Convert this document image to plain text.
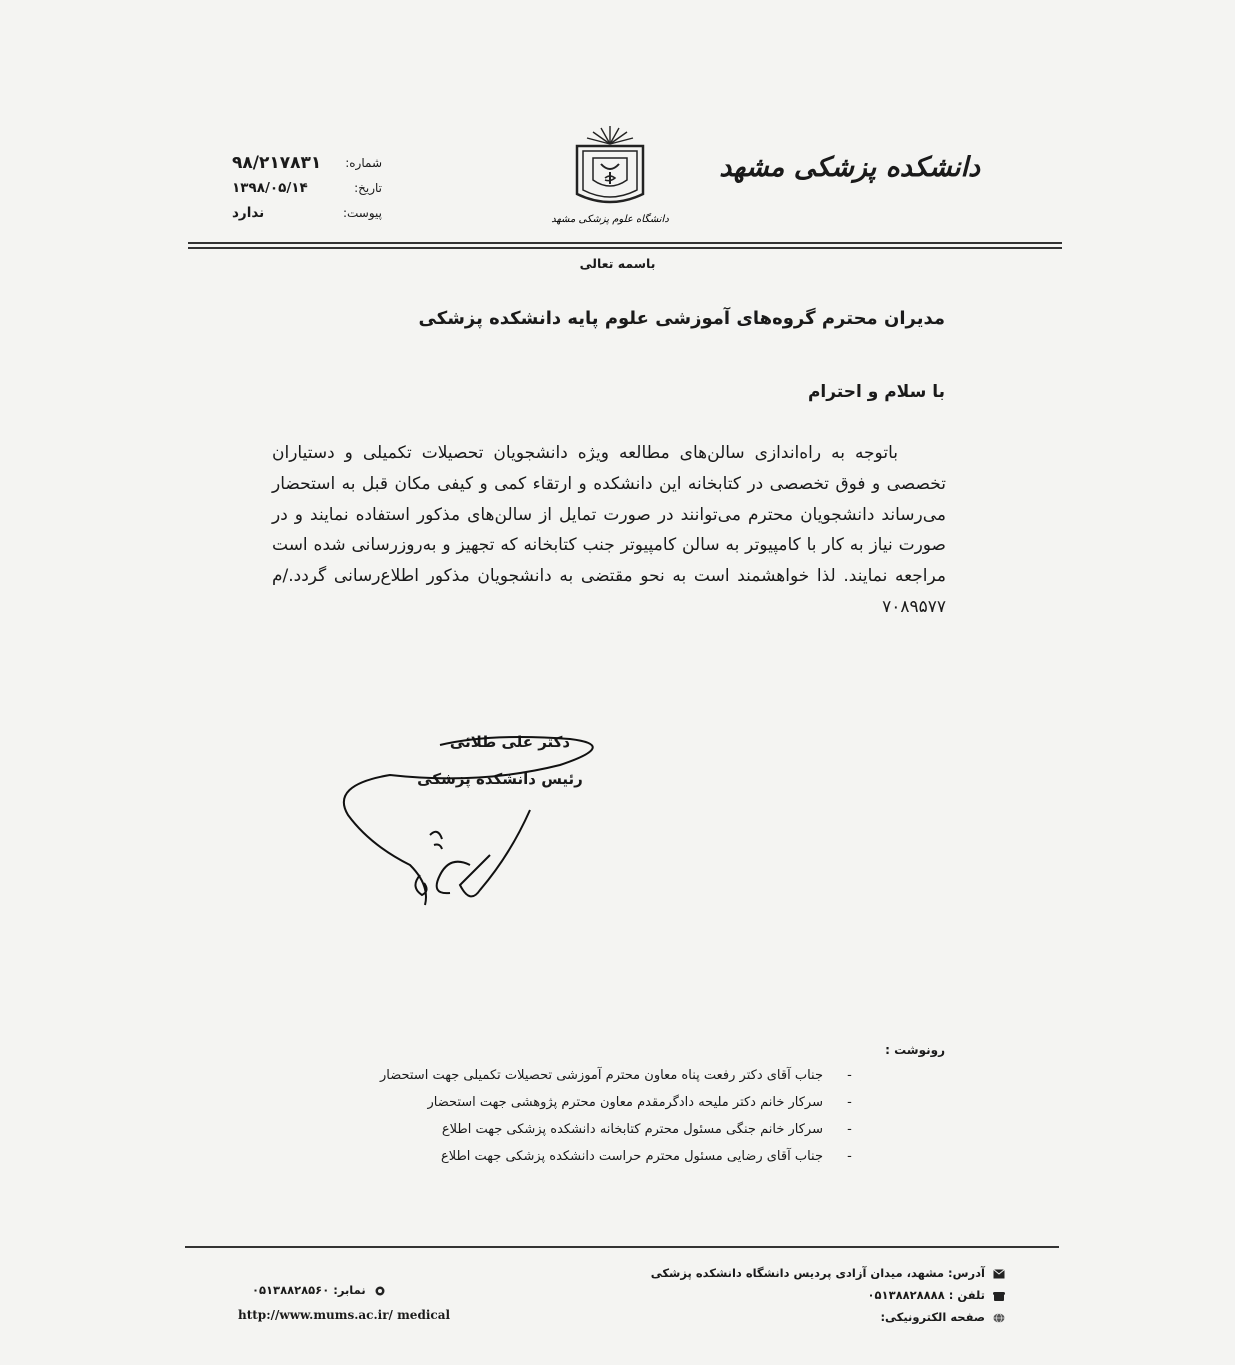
دانشکده پزشکی مشهد
دانشگاه علوم پزشکی مشهد
شماره:
۹۸/۲۱۷۸۳۱
تاریخ:
۱۳۹۸/۰۵/۱۴
پیوست:
ندارد
باسمه تعالی
مدیران محترم گروه‌های آموزشی علوم پایه دانشکده پزشکی
با سلام و احترام
باتوجه به راه‌اندازی سالن‌های مطالعه ویژه دانشجویان تحصیلات تکمیلی و دستیاران تخصصی و فوق تخصصی در کتابخانه این دانشکده و ارتقاء کمی و کیفی مکان قبل به استحضار می‌رساند دانشجویان محترم می‌توانند در صورت تمایل از سالن‌های مذکور استفاده نمایند و در صورت نیاز به کار با کامپیوتر به سالن کامپیوتر جنب کتابخانه که تجهیز و به‌روزرسانی شده است مراجعه نمایند. لذا خواهشمند است به نحو مقتضی به دانشجویان مذکور اطلاع‌رسانی گردد./م ۷۰۸۹۵۷۷
دکتر علی طلائی
رئیس دانشکده پزشکی
رونوشت :
-
جناب آقای دکتر رفعت پناه معاون محترم آموزشی تحصیلات تکمیلی جهت استحضار
-
سرکار خانم دکتر ملیحه دادگرمقدم معاون محترم پژوهشی جهت استحضار
-
سرکار خانم جنگی مسئول محترم کتابخانه دانشکده پزشکی جهت اطلاع
-
جناب آقای رضایی مسئول محترم حراست دانشکده پزشکی جهت اطلاع
آدرس: مشهد، میدان آزادی پردیس دانشگاه دانشکده پزشکی
تلفن : ۰۵۱۳۸۸۲۸۸۸۸
صفحه الکترونیکی:
نمابر: ۰۵۱۳۸۸۲۸۵۶۰
http://www.mums.ac.ir/ medical
